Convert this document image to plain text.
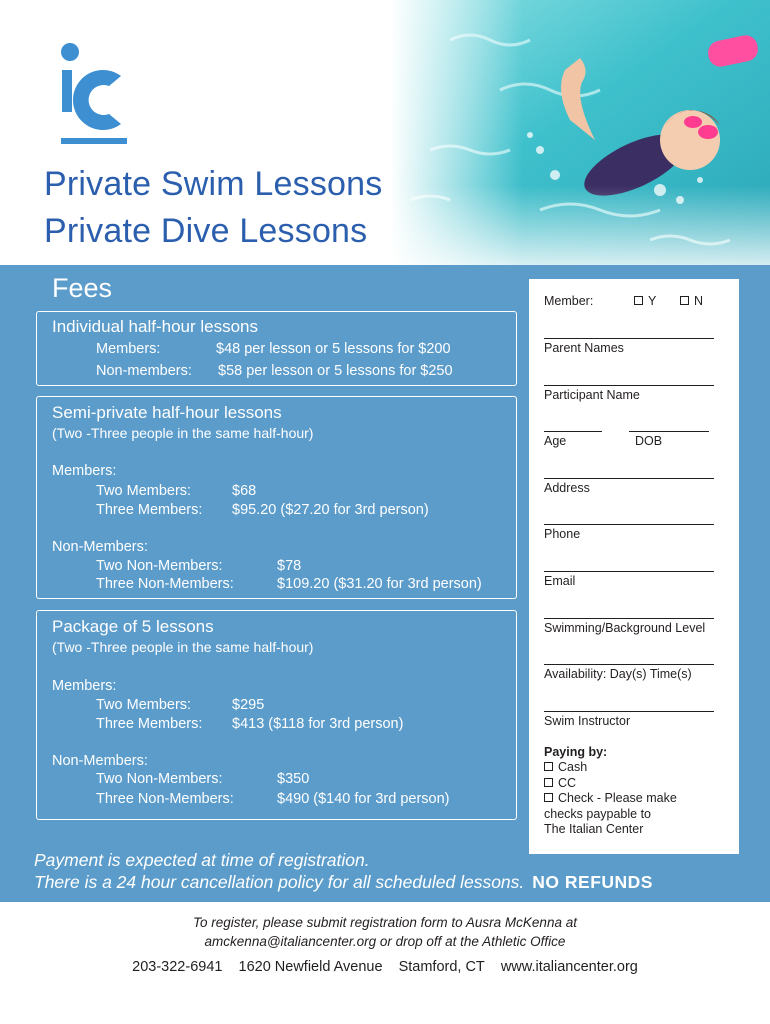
Private Swim Lessons
Private Dive Lessons
Fees
Individual half-hour lessons
Members:	$48 per lesson or 5 lessons for $200
Non-members: $58 per lesson or 5 lessons for $250
Semi-private half-hour lessons
(Two -Three people in the same half-hour)
Members:
Two Members:	$68
Three Members: $95.20 ($27.20 for 3rd person)
Non-Members:
Two Non-Members:	$78
Three Non-Members:	$109.20 ($31.20 for 3rd person)
Package of 5 lessons
(Two -Three people in the same half-hour)
Members:
Two Members:	$295
Three Members: $413 ($118 for 3rd person)
Non-Members:
Two Non-Members:	$350
Three Non-Members:	$490 ($140 for 3rd person)
Member:	Y	N
Parent Names
Participant Name
Age	DOB
Address
Phone
Email
Swimming/Background Level
Availability: Day(s) Time(s)
Swim Instructor
Paying by:
Cash
CC
Check - Please make
checks paypable to
The Italian Center
Payment is expected at time of registration.
There is a 24 hour cancellation policy for all scheduled lessons. NO REFUNDS
To register, please submit registration form to Ausra McKenna at
amckenna@italiancenter.org or drop off at the Athletic Office
203-322-6941 1620 Newfield Avenue Stamford, CT www.italiancenter.org
